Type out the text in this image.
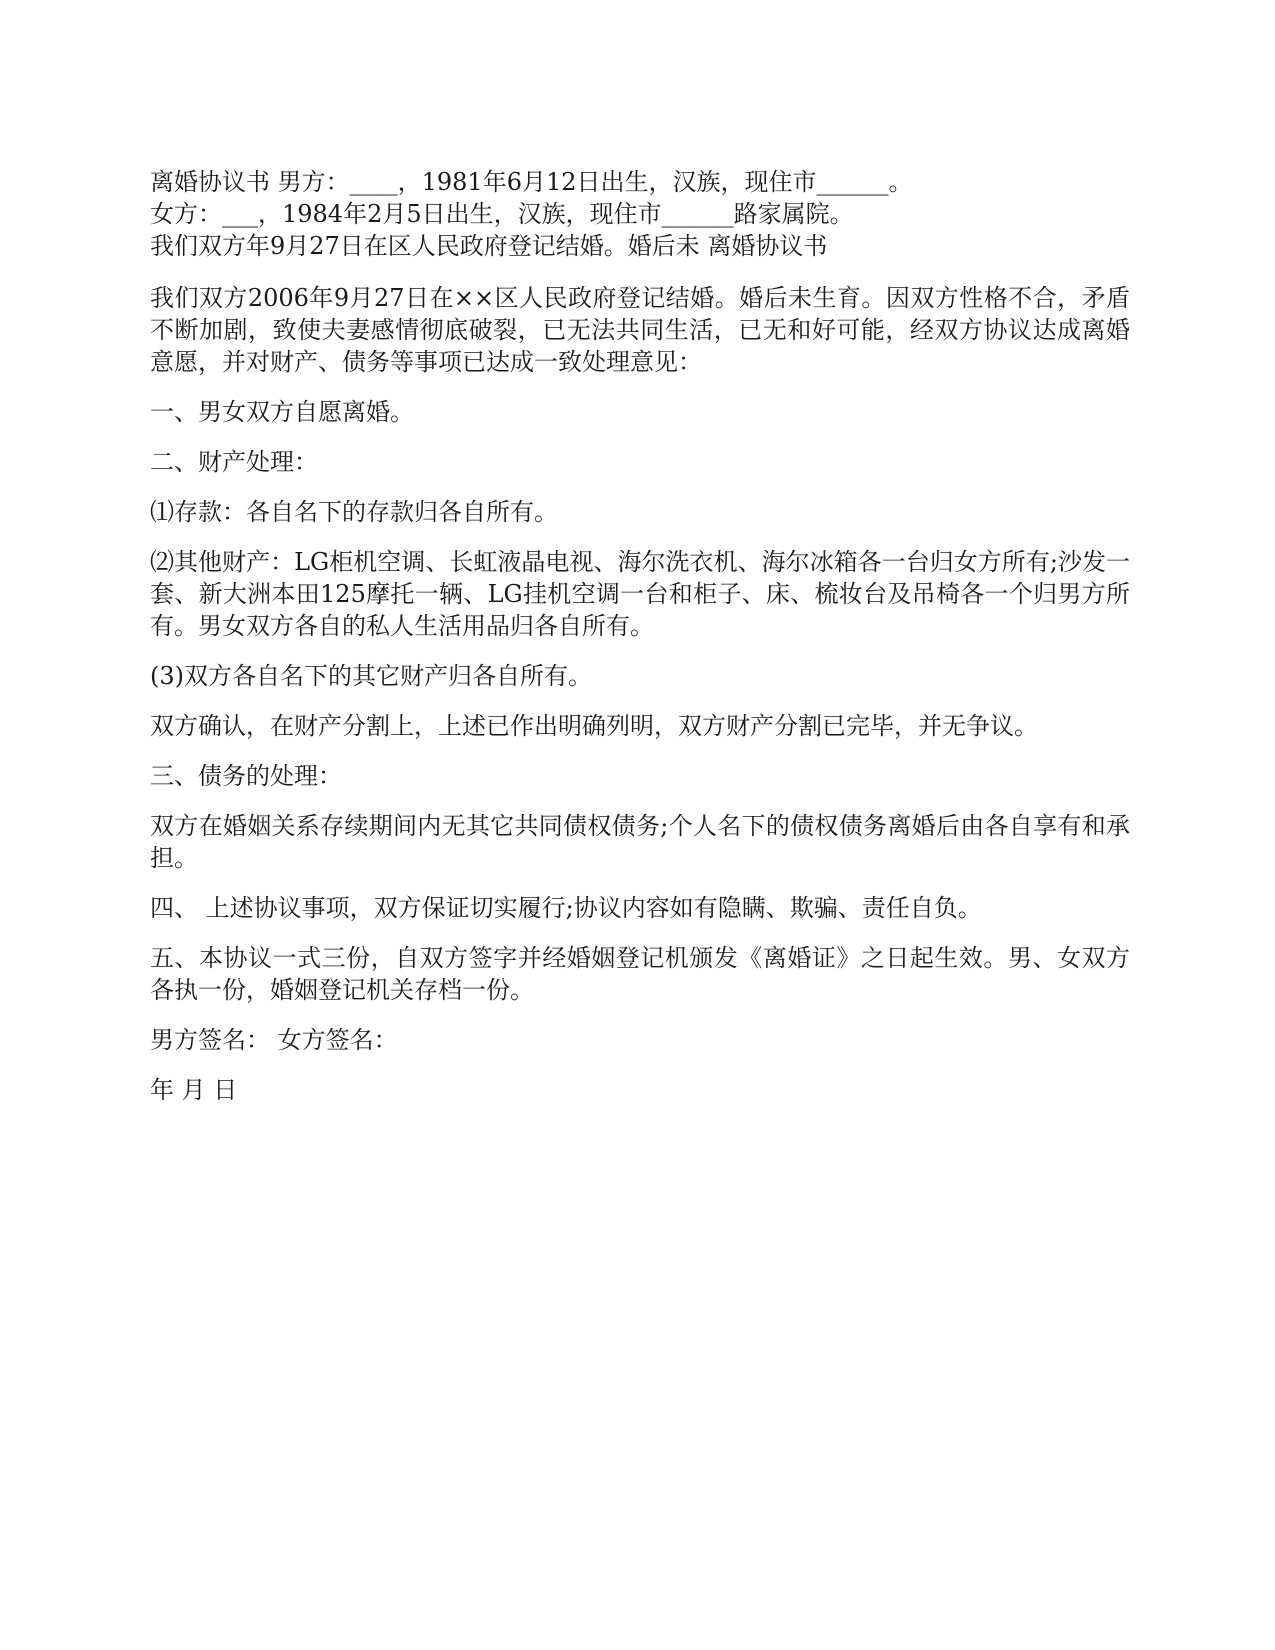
离婚协议书 男方：____，1981年6月12日出生，汉族，现住市______。

女方：___，1984年2月5日出生，汉族，现住市______路家属院。

我们双方年9月27日在区人民政府登记结婚。婚后未 离婚协议书

我们双方2006年9月27日在××区人民政府登记结婚。婚后未生育。因双方性格不合，矛盾不断加剧，致使夫妻感情彻底破裂，已无法共同生活，已无和好可能，经双方协议达成离婚意愿，并对财产、债务等事项已达成一致处理意见：

一、男女双方自愿离婚。

二、财产处理：

⑴存款：各自名下的存款归各自所有。

⑵其他财产：LG柜机空调、长虹液晶电视、海尔洗衣机、海尔冰箱各一台归女方所有;沙发一套、新大洲本田125摩托一辆、LG挂机空调一台和柜子、床、梳妆台及吊椅各一个归男方所有。男女双方各自的私人生活用品归各自所有。

(3)双方各自名下的其它财产归各自所有。

双方确认，在财产分割上，上述已作出明确列明，双方财产分割已完毕，并无争议。

三、债务的处理：

双方在婚姻关系存续期间内无其它共同债权债务;个人名下的债权债务离婚后由各自享有和承担。

四、 上述协议事项，双方保证切实履行;协议内容如有隐瞒、欺骗、责任自负。

五、本协议一式三份，自双方签字并经婚姻登记机颁发《离婚证》之日起生效。男、女双方各执一份，婚姻登记机关存档一份。

男方签名： 女方签名：

年 月 日
